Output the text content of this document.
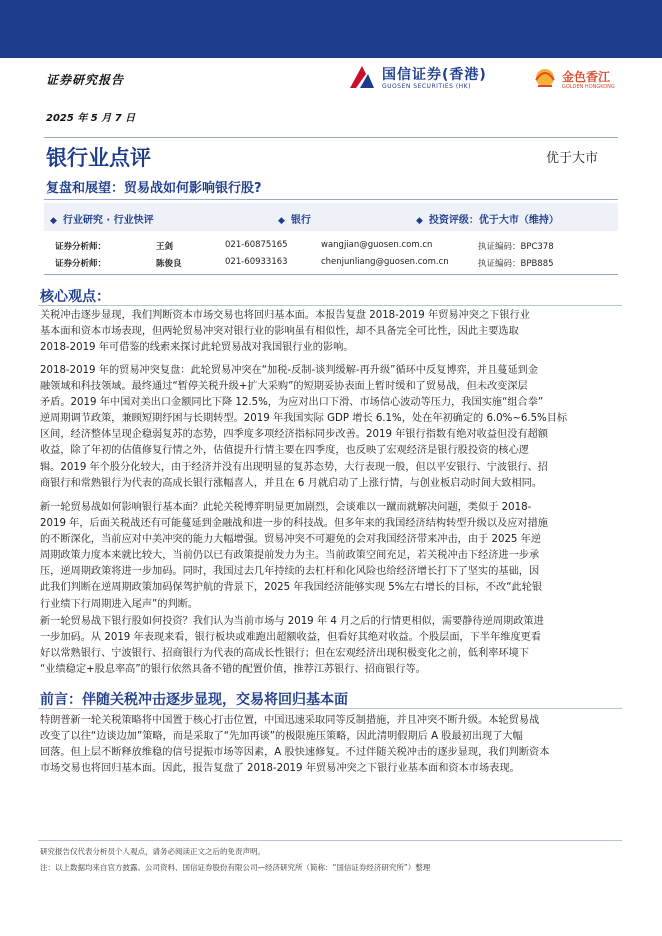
证券研究报告
2025 年 5 月 7 日
国信证券(香港)
GUOSEN SECURITIES (HK)
金色香江
GOLDEN HONGKONG
银行业点评	优于大市
复盘和展望：贸易战如何影响银行股?
◆ 行业研究 · 行业快评	◆ 银行	◆ 投资评级：优于大市（维持）
证券分析师：	王剑	021-60875165	wangjian@guosen.com.cn	执证编码：BPC378
证券分析师：	陈俊良	021-60933163	chenjunliang@guosen.com.cn	执证编码：BPB885
核心观点：
关税冲击逐步显现，我们判断资本市场交易也将回归基本面。本报告复盘 2018-2019 年贸易冲突之下银行业
基本面和资本市场表现，但两轮贸易冲突对银行业的影响虽有相似性，却不具备完全可比性，因此主要选取
2018-2019 年可借鉴的线索来探讨此轮贸易战对我国银行业的影响。
2018-2019 年的贸易冲突复盘：此轮贸易冲突在“加税-反制-谈判缓解-再升级”循环中反复博弈，并且蔓延到金
融领域和科技领域。最终通过“暂停关税升级+扩大采购”的短期妥协表面上暂时缓和了贸易战，但未改变深层
矛盾。2019 年中国对美出口金额同比下降 12.5%，为应对出口下滑、市场信心波动等压力，我国实施“组合拳”
逆周期调节政策，兼顾短期纾困与长期转型。2019 年我国实际 GDP 增长 6.1%，处在年初确定的 6.0%~6.5%目标
区间，经济整体呈现企稳弱复苏的态势，四季度多项经济指标同步改善。2019 年银行指数有绝对收益但没有超额
收益，除了年初的估值修复行情之外，估值提升行情主要在四季度，也反映了宏观经济是银行股投资的核心逻
辑。2019 年个股分化较大，由于经济并没有出现明显的复苏态势，大行表现一般，但以平安银行、宁波银行、招
商银行和常熟银行为代表的高成长银行涨幅喜人，并且在 6 月就启动了上涨行情，与创业板启动时间大致相同。
新一轮贸易战如何影响银行基本面？此轮关税博弈明显更加剧烈，会谈难以一蹴而就解决问题，类似于 2018-
2019 年，后面关税战还有可能蔓延到金融战和进一步的科技战。但多年来的我国经济结构转型升级以及应对措施
的不断深化，当前应对中美冲突的能力大幅增强。贸易冲突不可避免的会对我国经济带来冲击，由于 2025 年逆
周期政策力度本来就比较大，当前仍以已有政策提前发力为主。当前政策空间充足，若关税冲击下经济进一步承
压，逆周期政策将进一步加码。同时，我国过去几年持续的去杠杆和化风险也给经济增长打下了坚实的基础，因
此我们判断在逆周期政策加码保驾护航的背景下，2025 年我国经济能够实现 5%左右增长的目标，不改“此轮银
行业绩下行周期进入尾声”的判断。
新一轮贸易战下银行股如何投资？我们认为当前市场与 2019 年 4 月之后的行情更相似，需要静待逆周期政策进
一步加码。从 2019 年表现来看，银行板块或难跑出超额收益，但看好其绝对收益。个股层面，下半年维度更看
好以常熟银行、宁波银行、招商银行为代表的高成长性银行；但在宏观经济出现积极变化之前，低利率环境下
“业绩稳定+股息率高”的银行依然具备不错的配置价值，推荐江苏银行、招商银行等。
前言：伴随关税冲击逐步显现，交易将回归基本面
特朗普新一轮关税策略将中国置于核心打击位置，中国迅速采取同等反制措施，并且冲突不断升级。本轮贸易战
改变了以往“边谈边加”策略，而是采取了“先加再谈”的极限施压策略，因此清明假期后 A 股最初出现了大幅
回落。但上层不断释放维稳的信号提振市场等因素，A 股快速修复。不过伴随关税冲击的逐步显现，我们判断资本
市场交易也将回归基本面。因此，报告复盘了 2018-2019 年贸易冲突之下银行业基本面和资本市场表现。
研究报告仅代表分析员个人观点，请务必阅读正文之后的免责声明。
注：以上数据均来自官方披露、公司资料、国信证券股份有限公司—经济研究所（简称：“国信证券经济研究所”）整理
